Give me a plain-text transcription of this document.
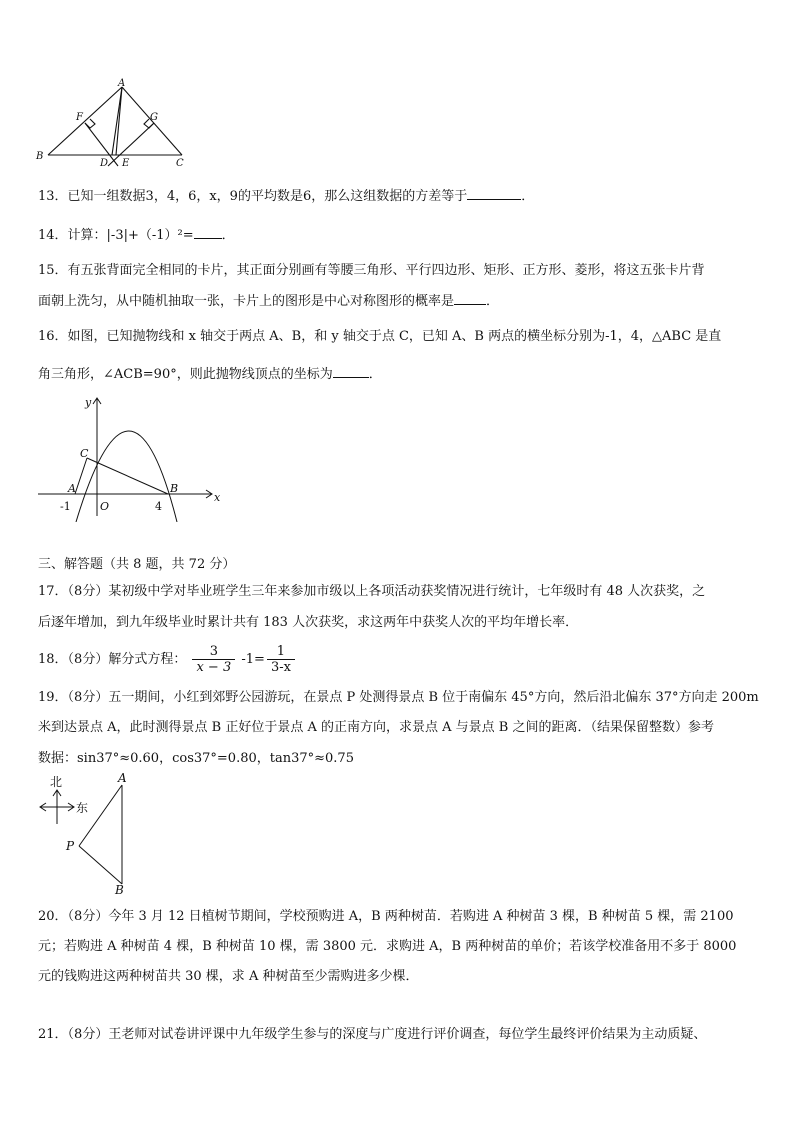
A
B
C
D E
F	G
13．已知一组数据3，4，6，x，9的平均数是6，那么这组数据的方差等于	．
14．计算：|-3|+（-1）²= ．
15．有五张背面完全相同的卡片，其正面分别画有等腰三角形、平行四边形、矩形、正方形、菱形，将这五张卡片背
面朝上洗匀，从中随机抽取一张，卡片上的图形是中心对称图形的概率是 ．
16．如图，已知抛物线和 x 轴交于两点 A、B，和 y 轴交于点 C，已知 A、B 两点的横坐标分别为-1，4，△ABC 是直
角三角形，∠ACB=90°，则此抛物线顶点的坐标为	．
y
x
C
A	B
O
-1	4
三、解答题（共 8 题，共 72 分）
17．（8分）某初级中学对毕业班学生三年来参加市级以上各项活动获奖情况进行统计，七年级时有 48 人次获奖，之
后逐年增加，到九年级毕业时累计共有 183 人次获奖，求这两年中获奖人次的平均年增长率．
18．（8分）解分式方程： $\frac{3}{x - 3} -1= \frac{1}{3-x}$
19．（8分）五一期间，小红到郊野公园游玩，在景点 P 处测得景点 B 位于南偏东 45°方向，然后沿北偏东 37°方向走 200m
米到达景点 A，此时测得景点 B 正好位于景点 A 的正南方向，求景点 A 与景点 B 之间的距离．（结果保留整数）参考
数据：sin37°≈0.60，cos37°=0.80，tan37°≈0.75
北
东
A
P
B
20．（8分）今年 3 月 12 日植树节期间，学校预购进 A，B 两种树苗．若购进 A 种树苗 3 棵，B 种树苗 5 棵，需 2100
元；若购进 A 种树苗 4 棵，B 种树苗 10 棵，需 3800 元．求购进 A，B 两种树苗的单价；若该学校准备用不多于 8000
元的钱购进这两种树苗共 30 棵，求 A 种树苗至少需购进多少棵．
21．（8分）王老师对试卷讲评课中九年级学生参与的深度与广度进行评价调查，每位学生最终评价结果为主动质疑、
